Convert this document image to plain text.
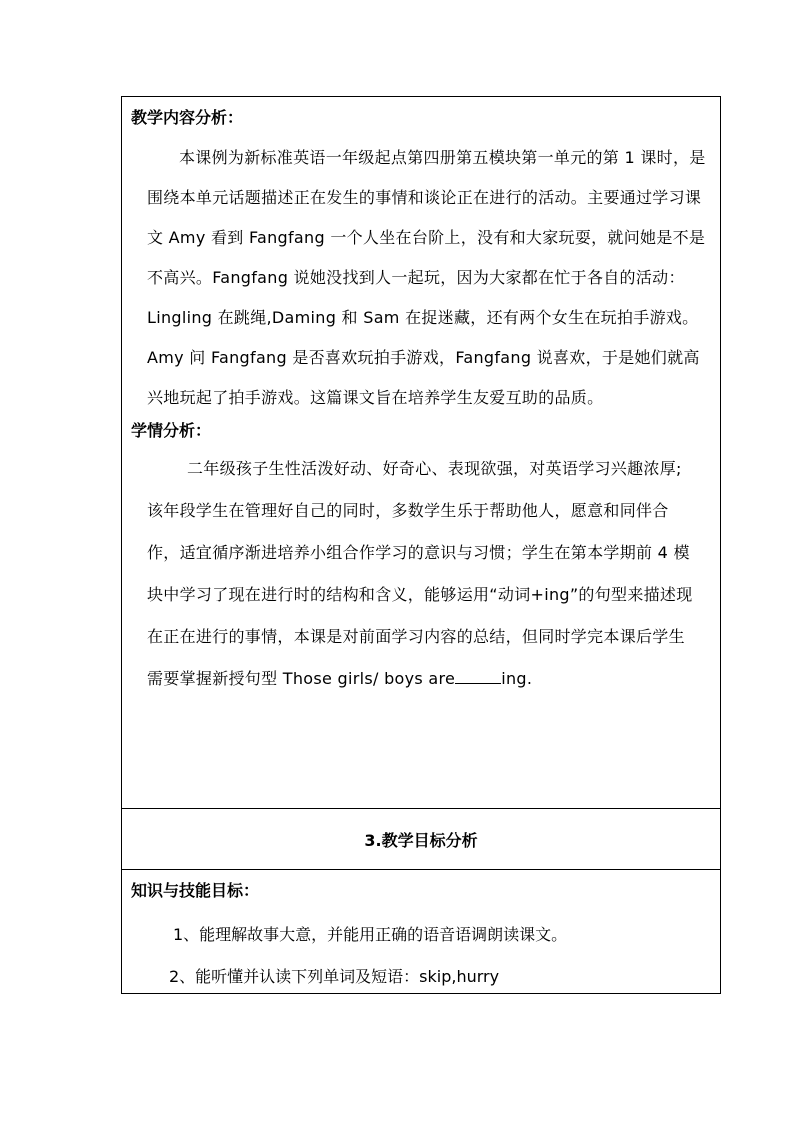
教学内容分析：

本课例为新标准英语一年级起点第四册第五模块第一单元的第 1 课时，是围绕本单元话题描述正在发生的事情和谈论正在进行的活动。主要通过学习课文 Amy 看到 Fangfang 一个人坐在台阶上，没有和大家玩耍，就问她是不是不高兴。Fangfang 说她没找到人一起玩，因为大家都在忙于各自的活动：Lingling 在跳绳,Daming 和 Sam 在捉迷藏，还有两个女生在玩拍手游戏。Amy 问 Fangfang 是否喜欢玩拍手游戏，Fangfang 说喜欢，于是她们就高兴地玩起了拍手游戏。这篇课文旨在培养学生友爱互助的品质。

学情分析：

二年级孩子生性活泼好动、好奇心、表现欲强，对英语学习兴趣浓厚;该年段学生在管理好自己的同时，多数学生乐于帮助他人，愿意和同伴合作，适宜循序渐进培养小组合作学习的意识与习惯；学生在第本学期前 4 模块中学习了现在进行时的结构和含义，能够运用“动词+ing”的句型来描述现在正在进行的事情，本课是对前面学习内容的总结，但同时学完本课后学生需要掌握新授句型 Those girls/ boys are	ing.

3.教学目标分析

知识与技能目标：

1、能理解故事大意，并能用正确的语音语调朗读课文。

2、能听懂并认读下列单词及短语：skip,hurry
